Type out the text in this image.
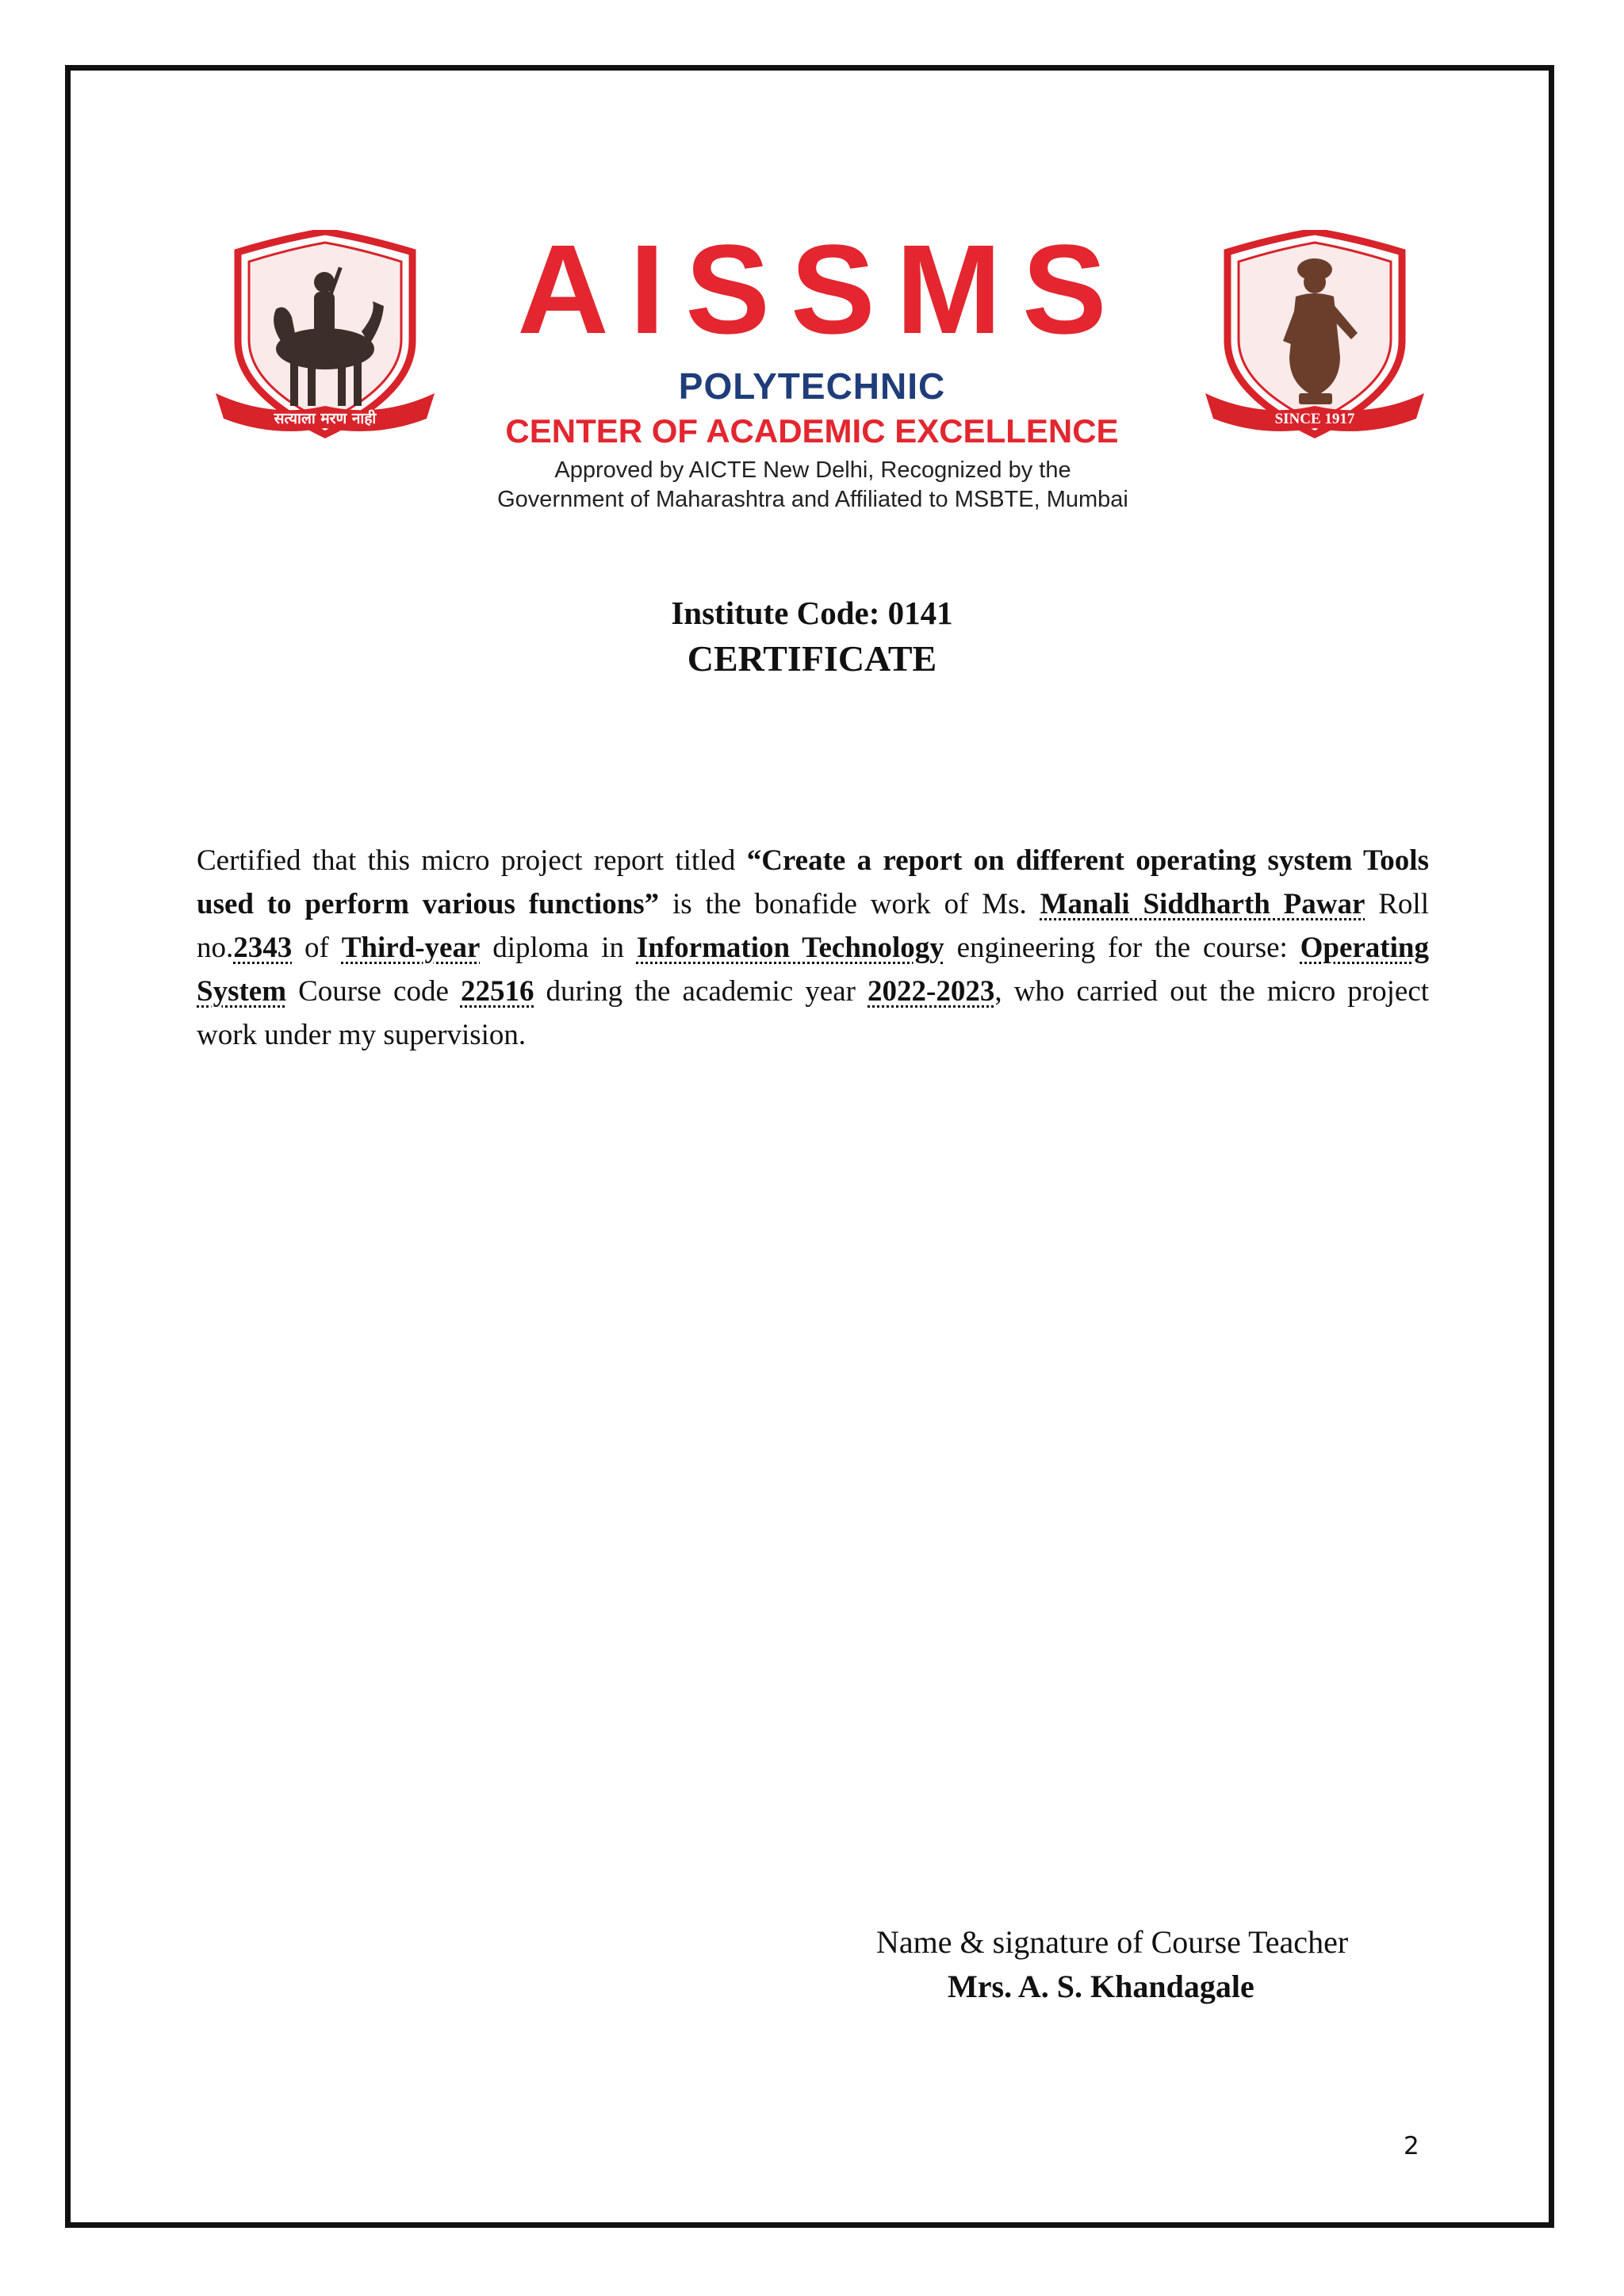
सत्याला मरण नाही	SINCE 1917
AISSMS
POLYTECHNIC
CENTER OF ACADEMIC EXCELLENCE
Approved by AICTE New Delhi, Recognized by the
Government of Maharashtra and Affiliated to MSBTE, Mumbai
Institute Code: 0141
CERTIFICATE
Certified that this micro project report titled “Create a report on different operating system Tools used to perform various functions” is the bonafide work of Ms. Manali Siddharth Pawar Roll no.2343 of Third-year diploma in Information Technology engineering for the course: Operating System Course code 22516 during the academic year 2022-2023, who carried out the micro project work under my supervision.
Name & signature of Course Teacher
Mrs. A. S. Khandagale
2
